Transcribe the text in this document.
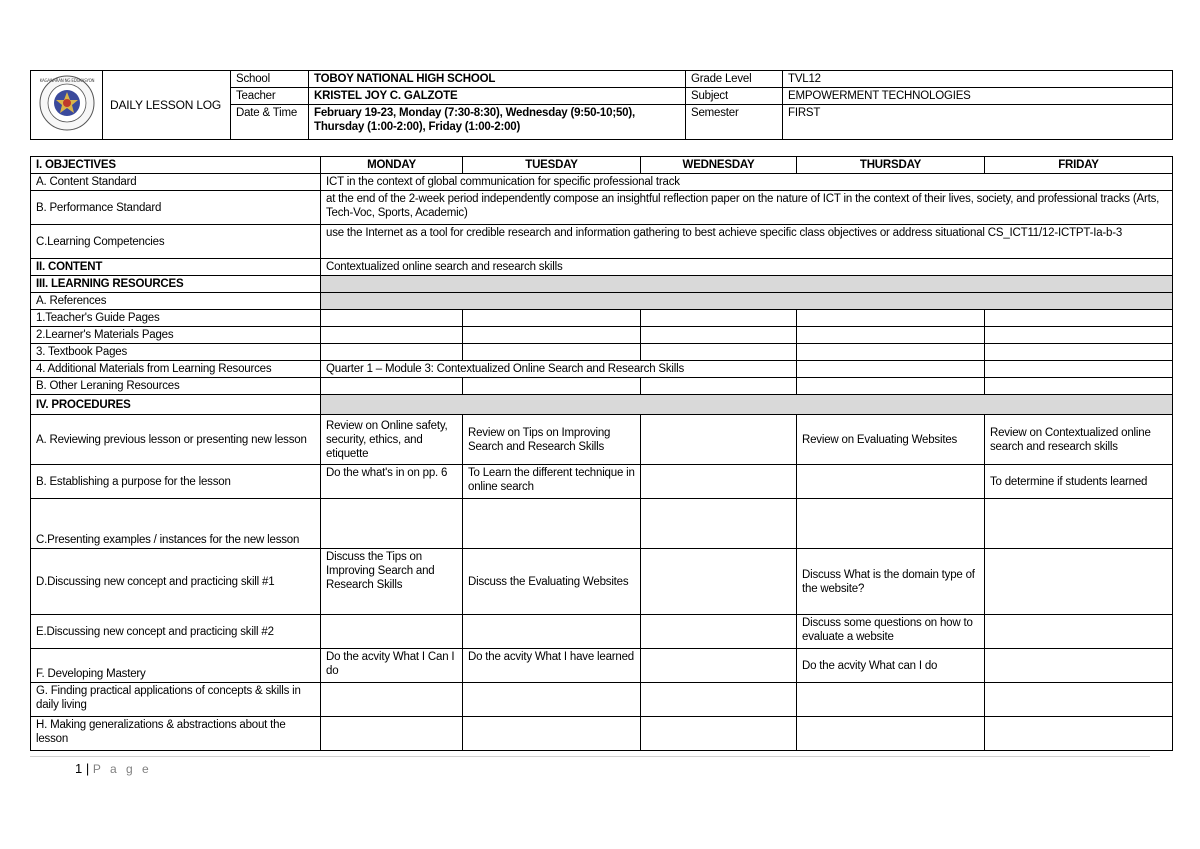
KAGAWARAN NG EDUKASYON	DAILY LESSON LOG	School	TOBOY NATIONAL HIGH SCHOOL	Grade Level	TVL12
		Teacher	KRISTEL JOY C. GALZOTE	Subject	EMPOWERMENT TECHNOLOGIES
		Date & Time	February 19-23, Monday (7:30-8:30), Wednesday (9:50-10;50), Thursday (1:00-2:00), Friday (1:00-2:00)	Semester	FIRST
I. OBJECTIVES	MONDAY	TUESDAY	WEDNESDAY	THURSDAY	FRIDAY
A. Content Standard	ICT in the context of global communication for specific professional track				
B. Performance Standard	at the end of the 2-week period independently compose an insightful reflection paper on the nature of ICT in the context of their lives, society, and professional tracks (Arts, Tech-Voc, Sports, Academic)				
C.Learning Competencies	use the Internet as a tool for credible research and information gathering to best achieve specific class objectives or address situational CS_ICT11/12-ICTPT-Ia-b-3				
II. CONTENT	Contextualized online search and research skills				
III. LEARNING RESOURCES					
A. References					
1.Teacher's Guide Pages					
2.Learner's Materials Pages					
3. Textbook Pages					
4. Additional Materials from Learning Resources	Quarter 1 – Module 3: Contextualized Online Search and Research Skills				
B. Other Leraning Resources					
IV. PROCEDURES					
A. Reviewing previous lesson or presenting new lesson	Review on Online safety, security, ethics, and etiquette	Review on Tips on Improving Search and Research Skills		Review on Evaluating Websites	Review on Contextualized online search and research skills
B. Establishing a purpose for the lesson	Do the what's in on pp. 6	To Learn the different technique in online search			To determine if students learned
C.Presenting examples / instances for the new lesson					
D.Discussing new concept and practicing skill #1	Discuss the Tips on Improving Search and Research Skills	Discuss the Evaluating Websites		Discuss What is the domain type of the website?	
E.Discussing new concept and practicing skill #2				Discuss some questions on how to evaluate a website	
F. Developing Mastery	Do the acvity What I Can I do	Do the acvity What I have learned		Do the acvity What can I do	
G. Finding practical applications of concepts & skills in daily living					
H. Making generalizations & abstractions about the lesson					
1 | P a g e
